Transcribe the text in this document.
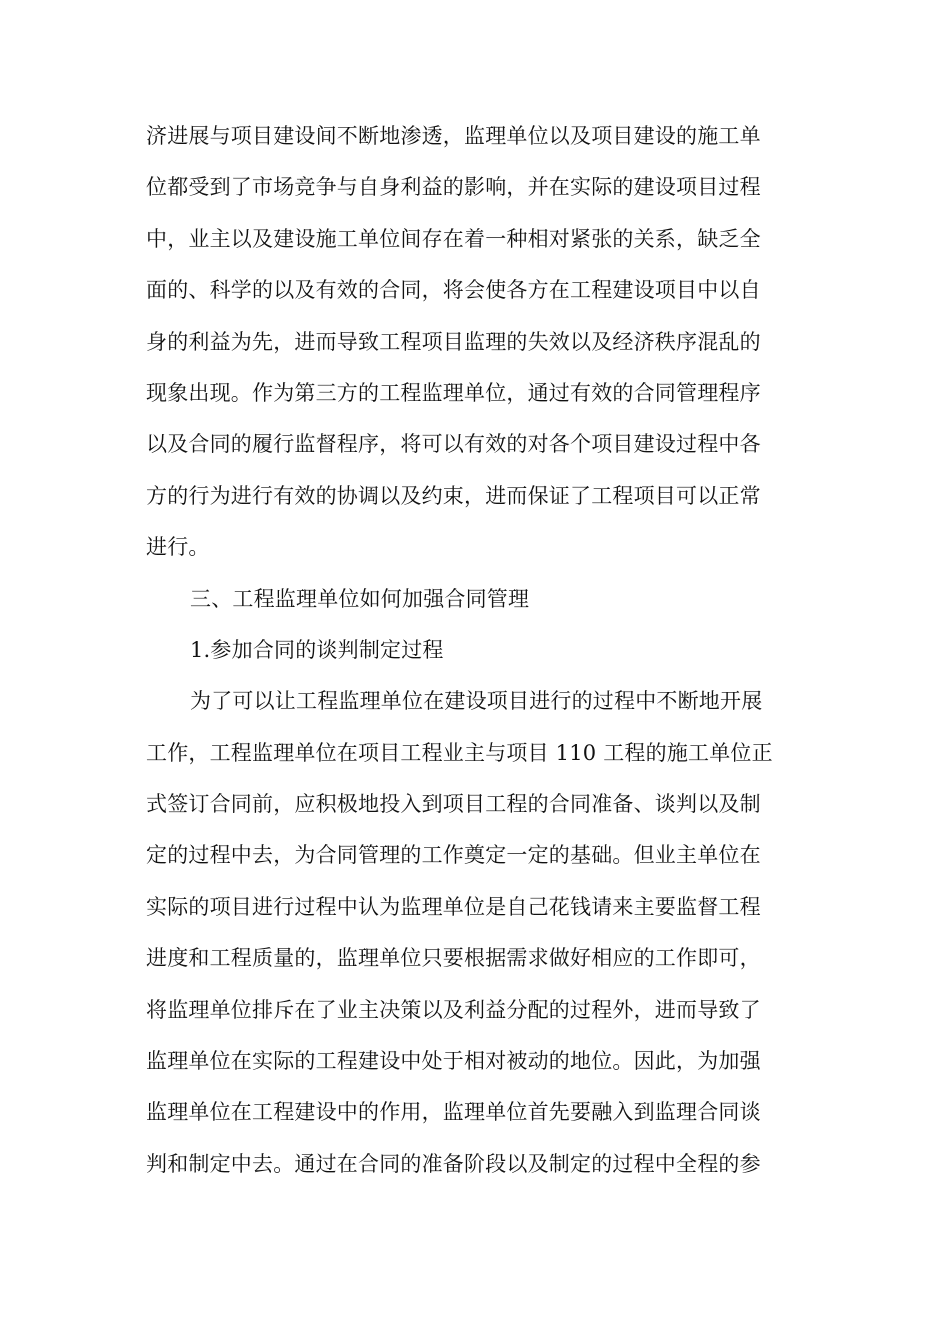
济进展与项目建设间不断地渗透，监理单位以及项目建设的施工单
位都受到了市场竞争与自身利益的影响，并在实际的建设项目过程
中，业主以及建设施工单位间存在着一种相对紧张的关系，缺乏全
面的、科学的以及有效的合同，将会使各方在工程建设项目中以自
身的利益为先，进而导致工程项目监理的失效以及经济秩序混乱的
现象出现。作为第三方的工程监理单位，通过有效的合同管理程序
以及合同的履行监督程序，将可以有效的对各个项目建设过程中各
方的行为进行有效的协调以及约束，进而保证了工程项目可以正常
进行。
三、工程监理单位如何加强合同管理
1.参加合同的谈判制定过程
为了可以让工程监理单位在建设项目进行的过程中不断地开展
工作，工程监理单位在项目工程业主与项目 110 工程的施工单位正
式签订合同前，应积极地投入到项目工程的合同准备、谈判以及制
定的过程中去，为合同管理的工作奠定一定的基础。但业主单位在
实际的项目进行过程中认为监理单位是自己花钱请来主要监督工程
进度和工程质量的，监理单位只要根据需求做好相应的工作即可，
将监理单位排斥在了业主决策以及利益分配的过程外，进而导致了
监理单位在实际的工程建设中处于相对被动的地位。因此，为加强
监理单位在工程建设中的作用，监理单位首先要融入到监理合同谈
判和制定中去。通过在合同的准备阶段以及制定的过程中全程的参
